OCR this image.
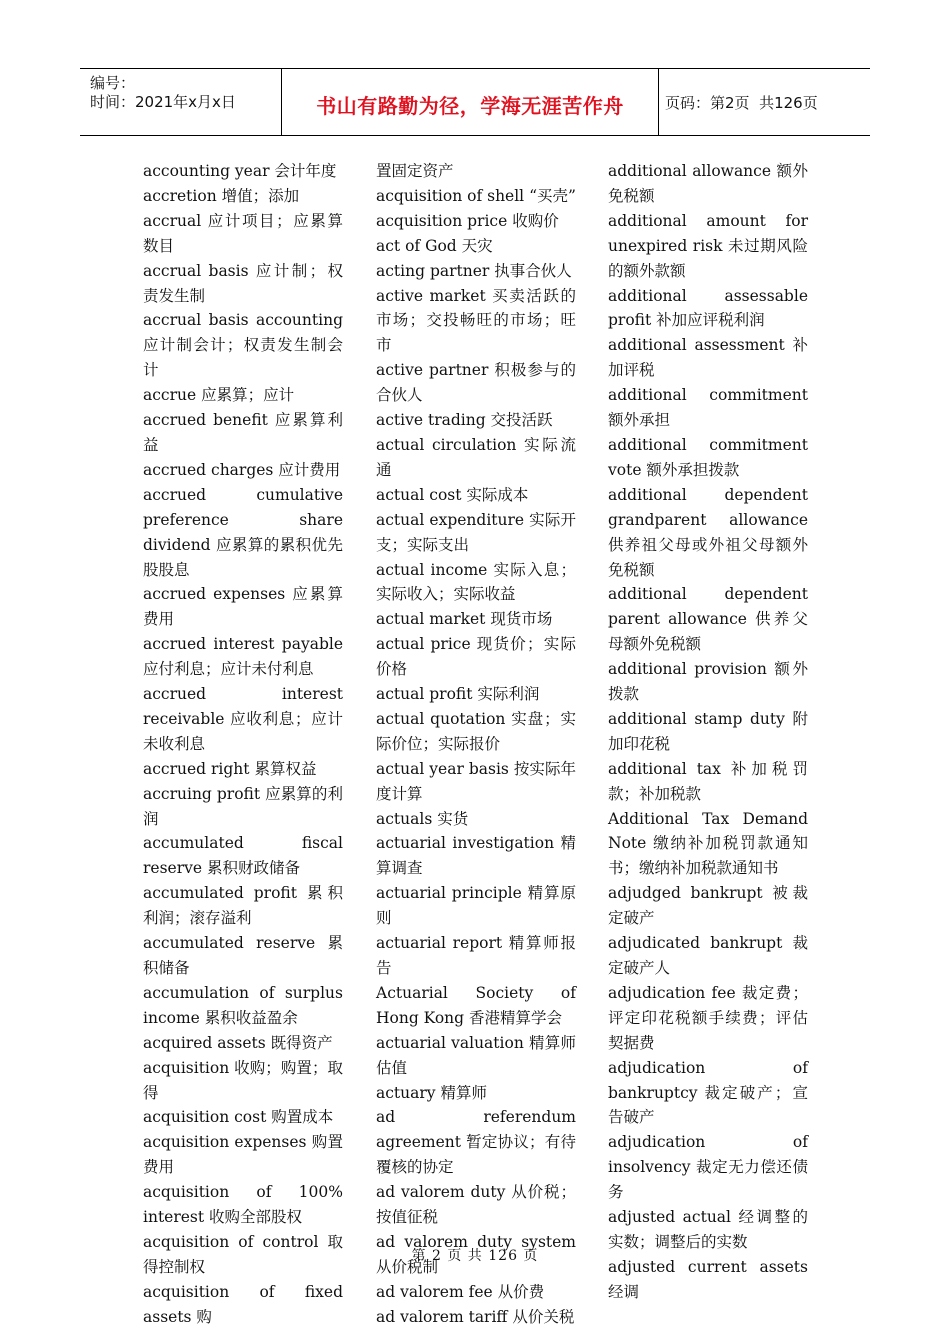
编号：
时间：2021年x月x日	书山有路勤为径，学海无涯苦作舟	页码：第2页  共126页
accounting year 会计年度
accretion 增值；添加
accrual 应计项目；应累算数目
accrual basis 应计制；权责发生制
accrual basis accounting 应计制会计；权责发生制会计
accrue 应累算；应计
accrued benefit 应累算利益
accrued charges 应计费用
accrued cumulative preference share dividend 应累算的累积优先股股息
accrued expenses 应累算费用
accrued interest payable 应付利息；应计未付利息
accrued interest receivable 应收利息；应计未收利息
accrued right 累算权益
accruing profit 应累算的利润
accumulated fiscal reserve 累积财政储备
accumulated profit 累积利润；滚存溢利
accumulated reserve 累积储备
accumulation of surplus income 累积收益盈余
acquired assets 既得资产
acquisition 收购；购置；取得
acquisition cost 购置成本
acquisition expenses 购置费用
acquisition of 100% interest 收购全部股权
acquisition of control 取得控制权
acquisition of fixed assets 购
置固定资产
acquisition of shell “买壳”
acquisition price 收购价
act of God 天灾
acting partner 执事合伙人
active market 买卖活跃的市场；交投畅旺的市场；旺市
active partner 积极参与的合伙人
active trading 交投活跃
actual circulation 实际流通
actual cost 实际成本
actual expenditure 实际开支；实际支出
actual income 实际入息；实际收入；实际收益
actual market 现货市场
actual price 现货价；实际价格
actual profit 实际利润
actual quotation 实盘；实际价位；实际报价
actual year basis 按实际年度计算
actuals 实货
actuarial investigation 精算调查
actuarial principle 精算原则
actuarial report 精算师报告
Actuarial Society of Hong Kong 香港精算学会
actuarial valuation 精算师估值
actuary 精算师
ad referendum agreement 暂定协议；有待覆核的协定
ad valorem duty 从价税；按值征税
ad valorem duty system 从价税制
ad valorem fee 从价费
ad valorem tariff 从价关税
additional allowance 额外免税额
additional amount for unexpired risk 未过期风险的额外款额
additional assessable profit 补加应评税利润
additional assessment 补加评税
additional commitment 额外承担
additional commitment vote 额外承担拨款
additional dependent grandparent allowance 供养祖父母或外祖父母额外免税额
additional dependent parent allowance 供养父母额外免税额
additional provision 额外拨款
additional stamp duty 附加印花税
additional tax 补加税罚款；补加税款
Additional Tax Demand Note 缴纳补加税罚款通知书；缴纳补加税款通知书
adjudged bankrupt 被裁定破产
adjudicated bankrupt 裁定破产人
adjudication fee 裁定费；评定印花税额手续费；评估契据费
adjudication of bankruptcy 裁定破产；宣告破产
adjudication of insolvency 裁定无力偿还债务
adjusted actual 经调整的实数；调整后的实数
adjusted current assets 经调
第 2 页 共 126 页
